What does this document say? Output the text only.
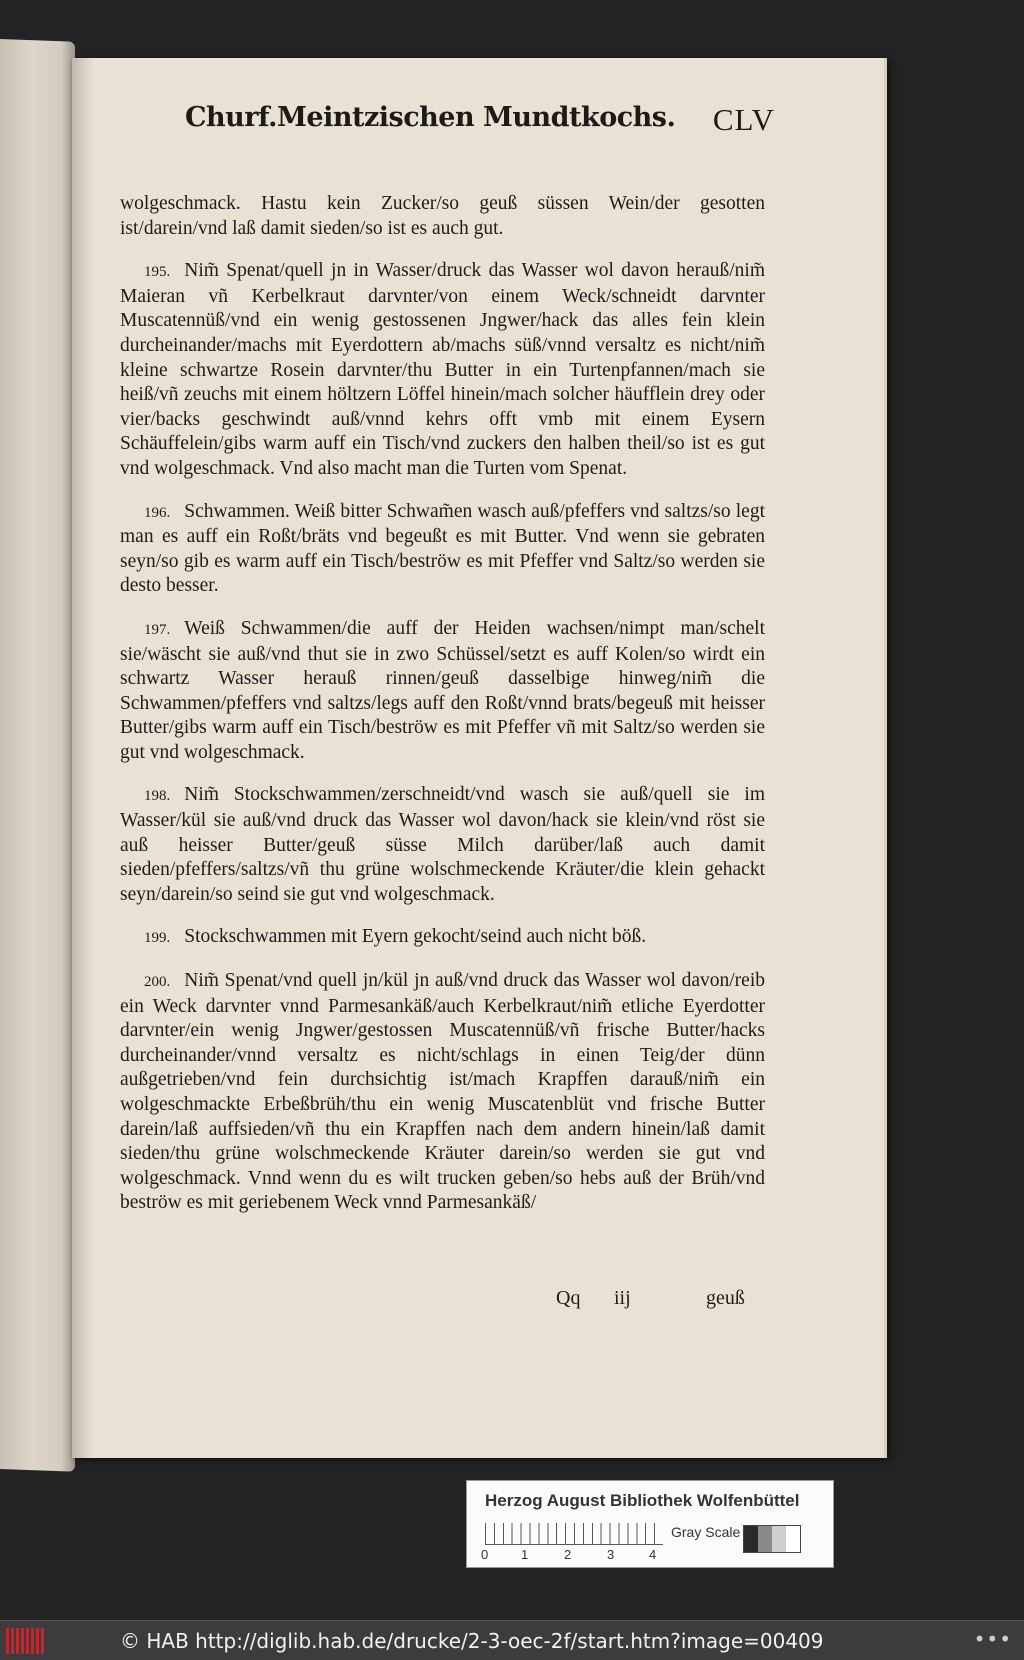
Churf.Meintzischen Mundtkochs. CLV

wolgeschmack. Hastu kein Zucker/so geuß süssen Wein/der gesotten ist/darein/vnd laß damit sieden/so ist es auch gut.

195. Nim̃ Spenat/quell jn in Wasser/druck das Wasser wol davon herauß/nim̃ Maieran vñ Kerbelkraut darvnter/von einem Weck/schneidt darvnter Muscatennüß/vnd ein wenig gestossenen Jngwer/hack das alles fein klein durcheinander/machs mit Eyerdottern ab/machs süß/vnnd versaltz es nicht/nim̃ kleine schwartze Rosein darvnter/thu Butter in ein Turtenpfannen/mach sie heiß/vñ zeuchs mit einem höltzern Löffel hinein/mach solcher häufflein drey oder vier/backs geschwindt auß/vnnd kehrs offt vmb mit einem Eysern Schäuffelein/gibs warm auff ein Tisch/vnd zuckers den halben theil/so ist es gut vnd wolgeschmack. Vnd also macht man die Turten vom Spenat.

196. Schwammen. Weiß bitter Schwam̃en wasch auß/pfeffers vnd saltzs/so legt man es auff ein Roßt/bräts vnd begeußt es mit Butter. Vnd wenn sie gebraten seyn/so gib es warm auff ein Tisch/beströw es mit Pfeffer vnd Saltz/so werden sie desto besser.

197. Weiß Schwammen/die auff der Heiden wachsen/nimpt man/schelt sie/wäscht sie auß/vnd thut sie in zwo Schüssel/setzt es auff Kolen/so wirdt ein schwartz Wasser herauß rinnen/geuß dasselbige hinweg/nim̃ die Schwammen/pfeffers vnd saltzs/legs auff den Roßt/vnnd brats/begeuß mit heisser Butter/gibs warm auff ein Tisch/beströw es mit Pfeffer vñ mit Saltz/so werden sie gut vnd wolgeschmack.

198. Nim̃ Stockschwammen/zerschneidt/vnd wasch sie auß/quell sie im Wasser/kül sie auß/vnd druck das Wasser wol davon/hack sie klein/vnd röst sie auß heisser Butter/geuß süsse Milch darüber/laß auch damit sieden/pfeffers/saltzs/vñ thu grüne wolschmeckende Kräuter/die klein gehackt seyn/darein/so seind sie gut vnd wolgeschmack.

199. Stockschwammen mit Eyern gekocht/seind auch nicht böß.

200. Nim̃ Spenat/vnd quell jn/kül jn auß/vnd druck das Wasser wol davon/reib ein Weck darvnter vnnd Parmesankäß/auch Kerbelkraut/nim̃ etliche Eyerdotter darvnter/ein wenig Jngwer/gestossen Muscatennüß/vñ frische Butter/hacks durcheinander/vnnd versaltz es nicht/schlags in einen Teig/der dünn außgetrieben/vnd fein durchsichtig ist/mach Krapffen darauß/nim̃ ein wolgeschmackte Erbeßbrüh/thu ein wenig Muscatenblüt vnd frische Butter darein/laß auffsieden/vñ thu ein Krapffen nach dem andern hinein/laß damit sieden/thu grüne wolschmeckende Kräuter darein/so werden sie gut vnd wolgeschmack. Vnnd wenn du es wilt trucken geben/so hebs auß der Brüh/vnd beströw es mit geriebenem Weck vnnd Parmesankäß/

Qq iij	geuß
Herzog August Bibliothek Wolfenbüttel
0	1	2	3	4
Gray Scale
© HAB http://diglib.hab.de/drucke/2-3-oec-2f/start.htm?image=00409	•••
